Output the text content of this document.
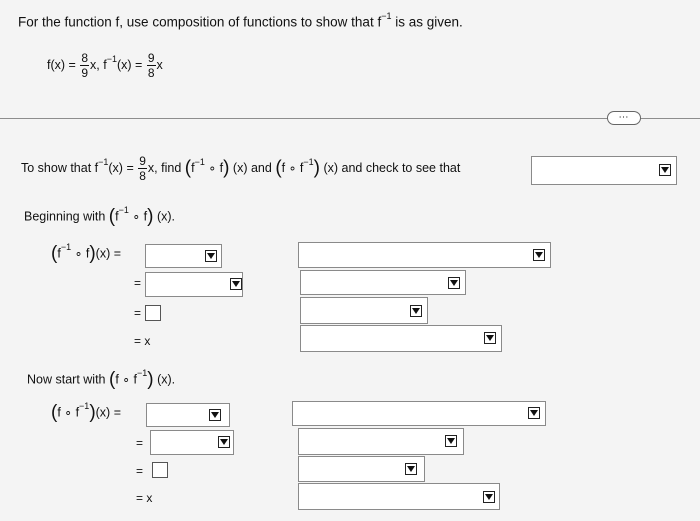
For the function f, use composition of functions to show that $f^{-1}$ is as given.
$f(x) = \frac{8}{9} x$, $f^{-1}(x) = \frac{9}{8}$ x
⋯
To show that $f^{-1}(x) = \frac{9}{8} x$, find ($f^{-1}$ ∘ f) (x) and (f ∘ $f^{-1}$) (x) and check to see that
Beginning with ($f^{-1}$ ∘ f) (x).
($f^{-1}$ ∘ f)(x) =
=
=
= x
Now start with (f ∘ $f^{-1}$) (x).
(f ∘ $f^{-1})(x)$ =
=
=
= x
